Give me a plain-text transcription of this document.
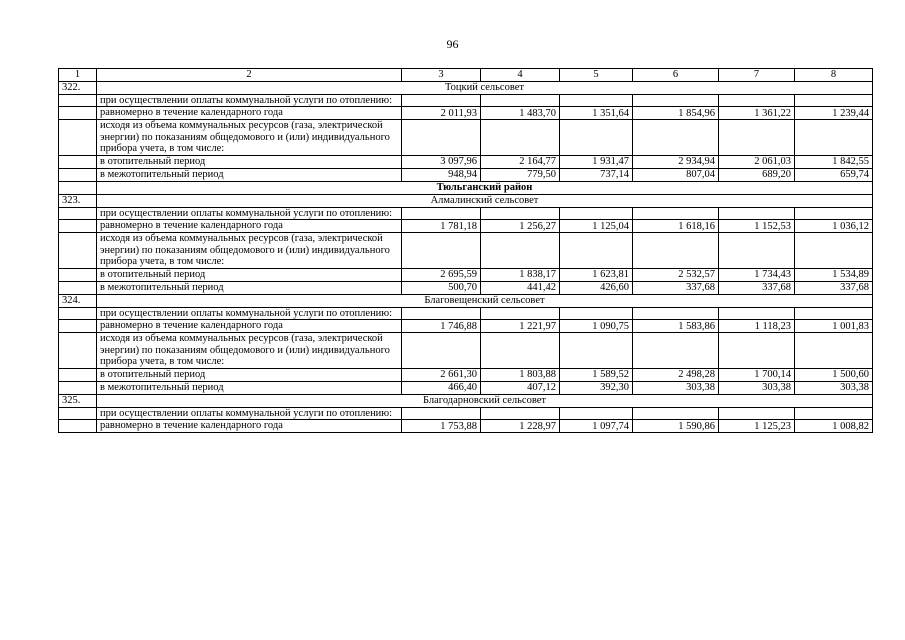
96
1	2	3	4	5	6	7	8
322.	Тоцкий сельсовет						
	при осуществлении оплаты коммунальной услуги по отоплению:						
	равномерно в течение календарного года	2 011,93	1 483,70	1 351,64	1 854,96	1 361,22	1 239,44
	исходя из объема коммунальных ресурсов (газа, электрической энергии) по показаниям общедомового и (или) индивидуального прибора учета, в том числе:						
	в отопительный период	3 097,96	2 164,77	1 931,47	2 934,94	2 061,03	1 842,55
	в межотопительный период	948,94	779,50	737,14	807,04	689,20	659,74
	Тюльганский район						
323.	Алмалинский сельсовет						
	при осуществлении оплаты коммунальной услуги по отоплению:						
	равномерно в течение календарного года	1 781,18	1 256,27	1 125,04	1 618,16	1 152,53	1 036,12
	исходя из объема коммунальных ресурсов (газа, электрической энергии) по показаниям общедомового и (или) индивидуального прибора учета, в том числе:						
	в отопительный период	2 695,59	1 838,17	1 623,81	2 532,57	1 734,43	1 534,89
	в межотопительный период	500,70	441,42	426,60	337,68	337,68	337,68
324.	Благовещенский сельсовет						
	при осуществлении оплаты коммунальной услуги по отоплению:						
	равномерно в течение календарного года	1 746,88	1 221,97	1 090,75	1 583,86	1 118,23	1 001,83
	исходя из объема коммунальных ресурсов (газа, электрической энергии) по показаниям общедомового и (или) индивидуального прибора учета, в том числе:						
	в отопительный период	2 661,30	1 803,88	1 589,52	2 498,28	1 700,14	1 500,60
	в межотопительный период	466,40	407,12	392,30	303,38	303,38	303,38
325.	Благодарновский сельсовет						
	при осуществлении оплаты коммунальной услуги по отоплению:						
	равномерно в течение календарного года	1 753,88	1 228,97	1 097,74	1 590,86	1 125,23	1 008,82
